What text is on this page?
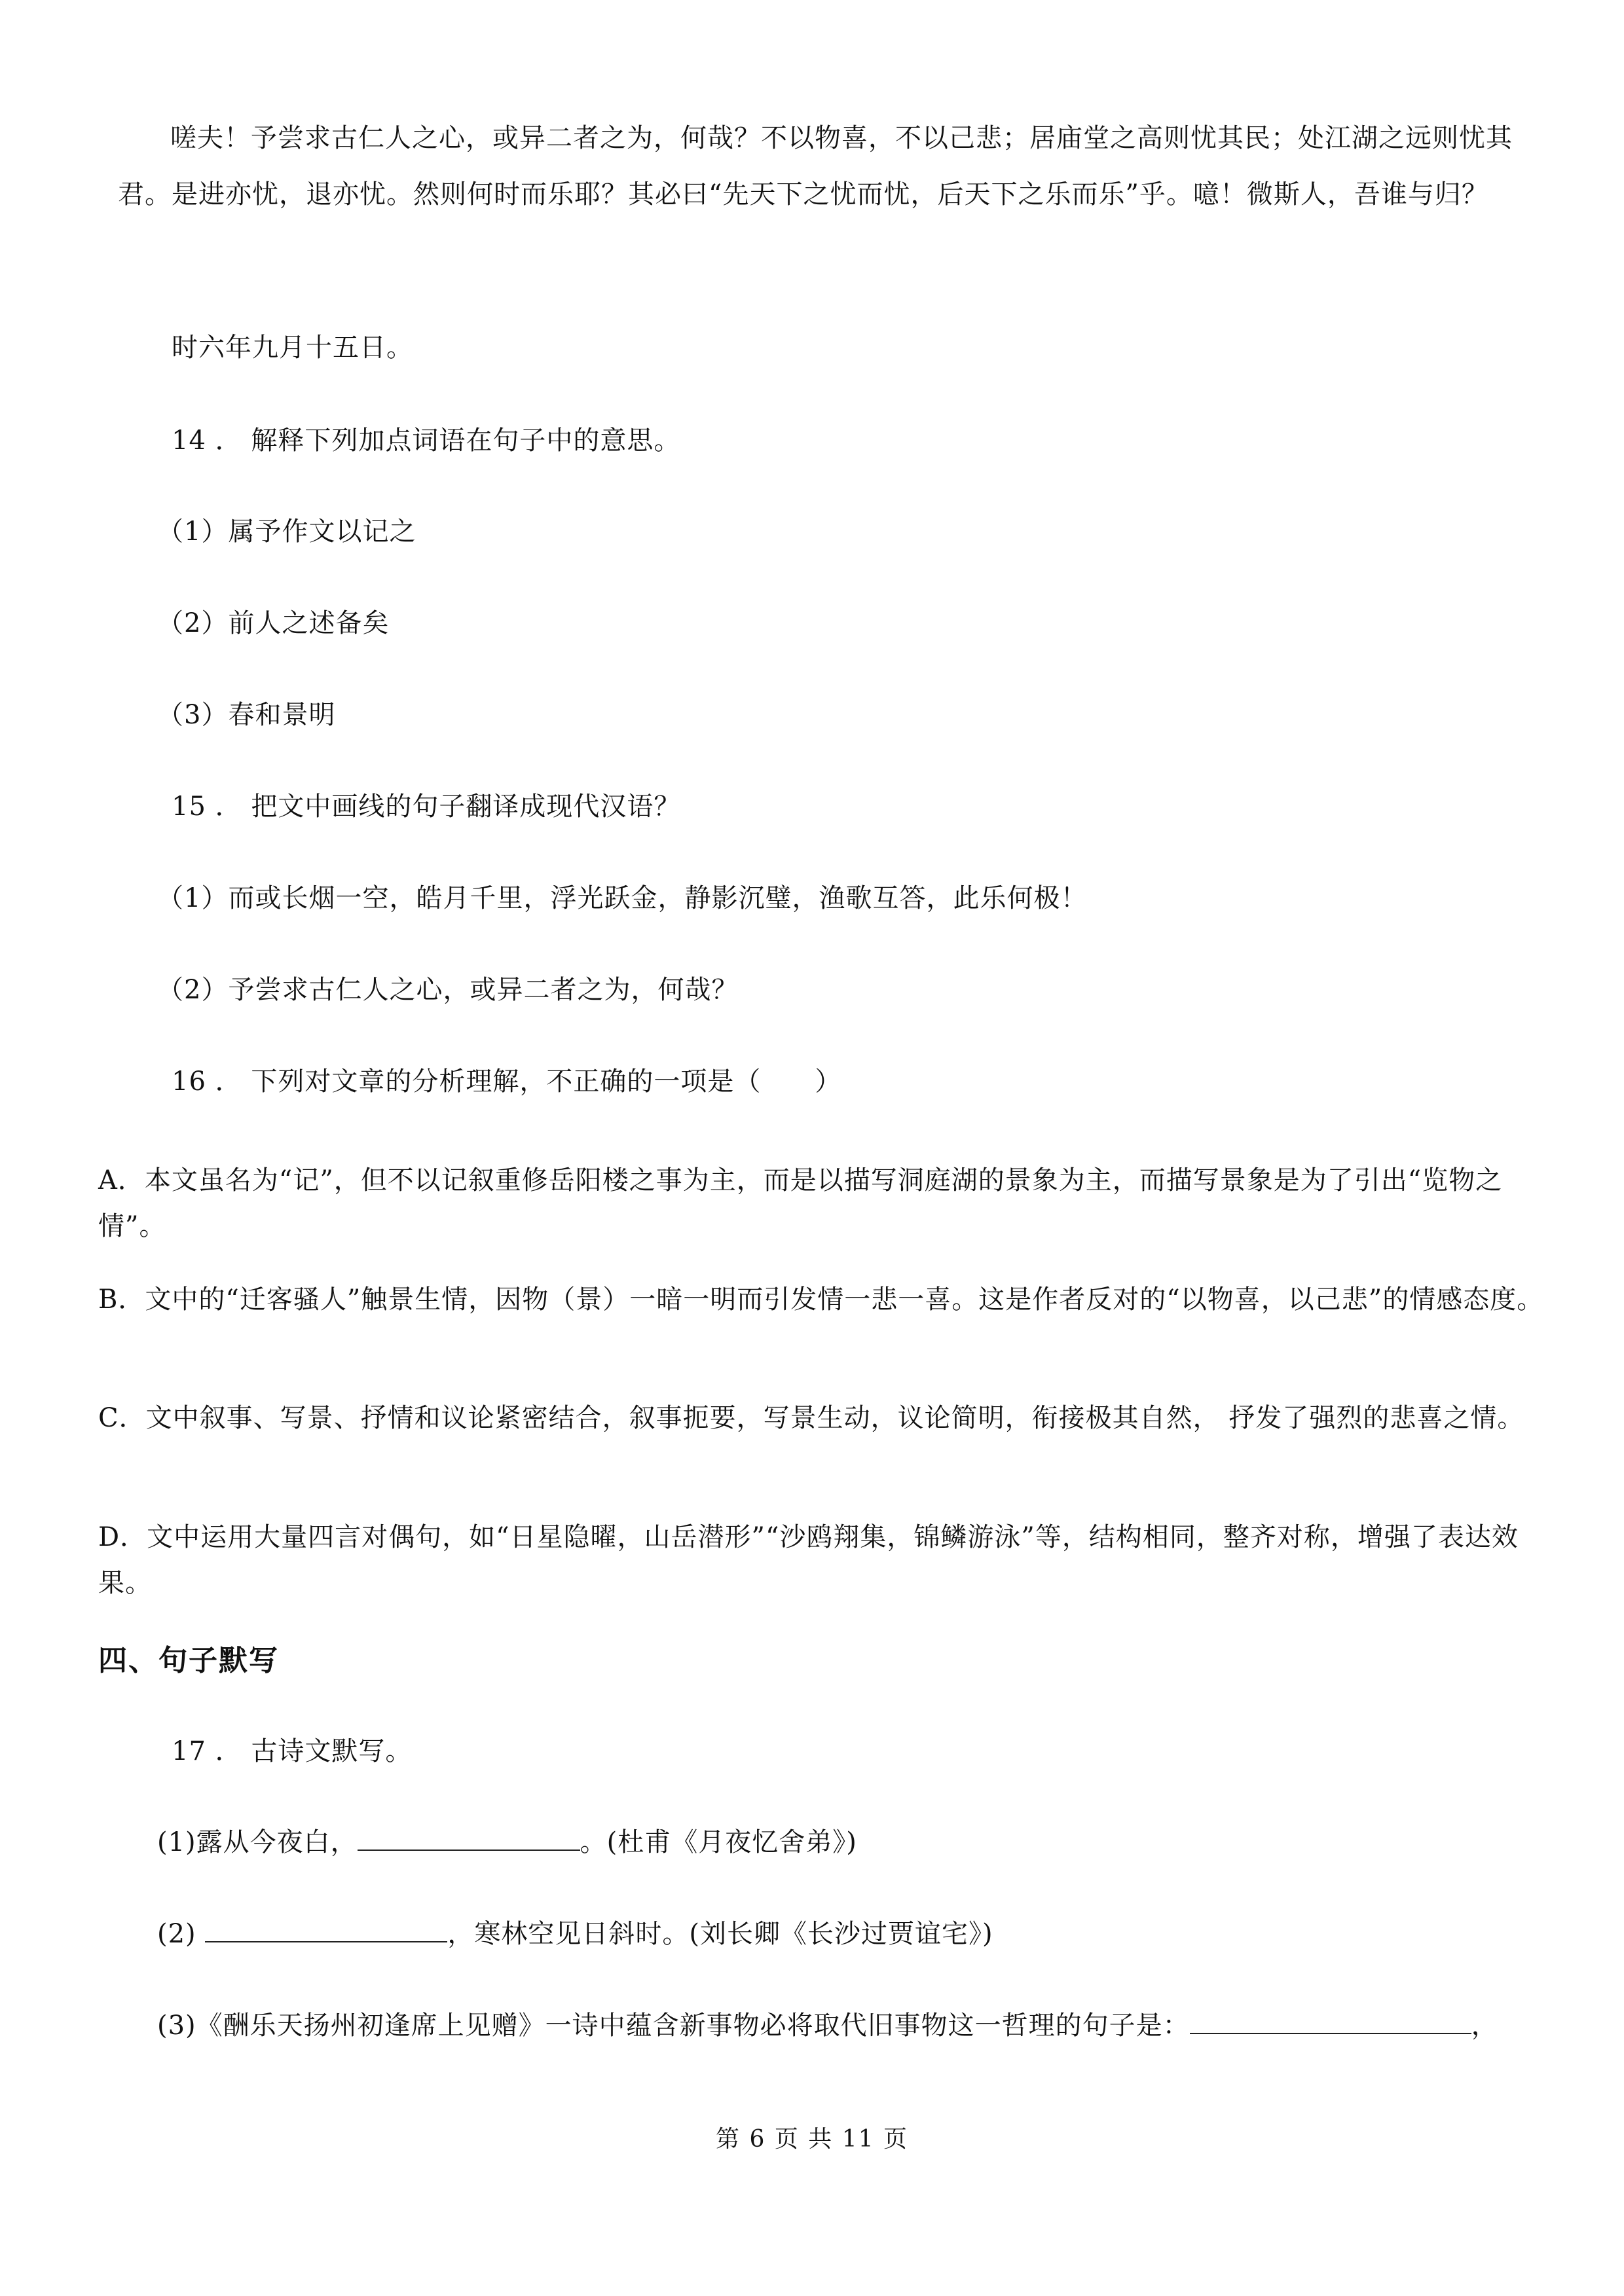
嗟夫！予尝求古仁人之心，或异二者之为，何哉？不以物喜，不以己悲；居庙堂之高则忧其民；处江湖之远则忧其君。是进亦忧，退亦忧。然则何时而乐耶？其必曰“先天下之忧而忧，后天下之乐而乐”乎。噫！微斯人，吾谁与归？
时六年九月十五日。
14 ． 解释下列加点词语在句子中的意思。
（1）属予作文以记之
（2）前人之述备矣
（3）春和景明
15 ． 把文中画线的句子翻译成现代汉语？
（1）而或长烟一空，皓月千里，浮光跃金，静影沉璧，渔歌互答，此乐何极！
（2）予尝求古仁人之心，或异二者之为，何哉？
16 ． 下列对文章的分析理解，不正确的一项是（　　）
A．本文虽名为“记”，但不以记叙重修岳阳楼之事为主，而是以描写洞庭湖的景象为主，而描写景象是为了引出“览物之情”。
B．文中的“迁客骚人”触景生情，因物（景）一暗一明而引发情一悲一喜。这是作者反对的“以物喜，以己悲”的情感态度。
C．文中叙事、写景、抒情和议论紧密结合，叙事扼要，写景生动，议论简明，衔接极其自然， 抒发了强烈的悲喜之情。
D．文中运用大量四言对偶句，如“日星隐曜，山岳潜形”“沙鸥翔集，锦鳞游泳”等，结构相同，整齐对称，增强了表达效果。
四、句子默写
17 ． 古诗文默写。
(1)露从今夜白，	。(杜甫《月夜忆舍弟》)
(2)	，寒林空见日斜时。(刘长卿《长沙过贾谊宅》)
(3)《酬乐天扬州初逢席上见赠》一诗中蕴含新事物必将取代旧事物这一哲理的句子是：	，
第 6 页 共 11 页
